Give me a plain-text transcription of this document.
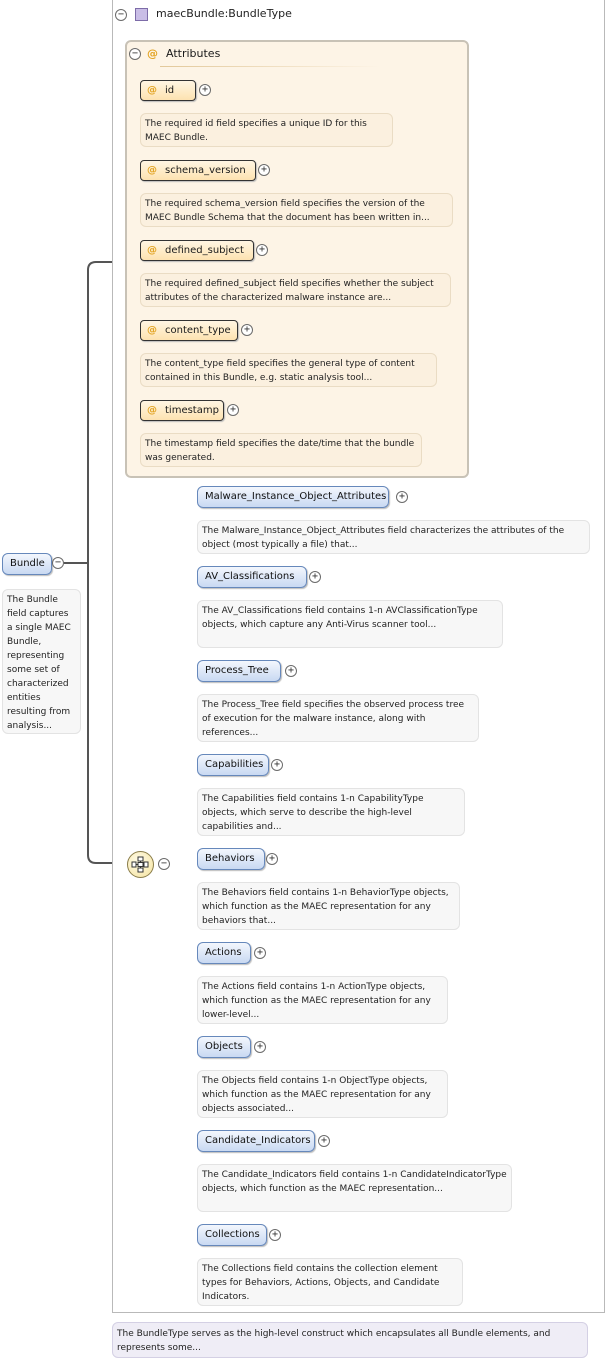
−	maecBundle:BundleType
− @ Attributes
@ id	+
The required id field specifies a unique ID for this MAEC Bundle.
@ schema_version	+
The required schema_version field specifies the version of the MAEC Bundle Schema that the document has been written in...
@ defined_subject	+
The required defined_subject field specifies whether the subject attributes of the characterized malware instance are...
@ content_type	+
The content_type field specifies the general type of content contained in this Bundle, e.g. static analysis tool...
@ timestamp	+
The timestamp field specifies the date/time that the bundle was generated.
Bundle	−
The Bundle field captures a single MAEC Bundle, representing some set of characterized entities resulting from analysis...
−
Malware_Instance_Object_Attributes +
The Malware_Instance_Object_Attributes field characterizes the attributes of the object (most typically a file) that...
AV_Classifications	+
The AV_Classifications field contains 1-n AVClassificationType objects, which capture any Anti-Virus scanner tool...
Process_Tree	+
The Process_Tree field specifies the observed process tree of execution for the malware instance, along with references...
Capabilities	+
The Capabilities field contains 1-n CapabilityType objects, which serve to describe the high-level capabilities and...
Behaviors	+
The Behaviors field contains 1-n BehaviorType objects, which function as the MAEC representation for any behaviors that...
Actions	+
The Actions field contains 1-n ActionType objects, which function as the MAEC representation for any lower-level...
Objects	+
The Objects field contains 1-n ObjectType objects, which function as the MAEC representation for any objects associated...
Candidate_Indicators	+
The Candidate_Indicators field contains 1-n CandidateIndicatorType objects, which function as the MAEC representation...
Collections	+
The Collections field contains the collection element types for Behaviors, Actions, Objects, and Candidate Indicators.
The BundleType serves as the high-level construct which encapsulates all Bundle elements, and represents some...
